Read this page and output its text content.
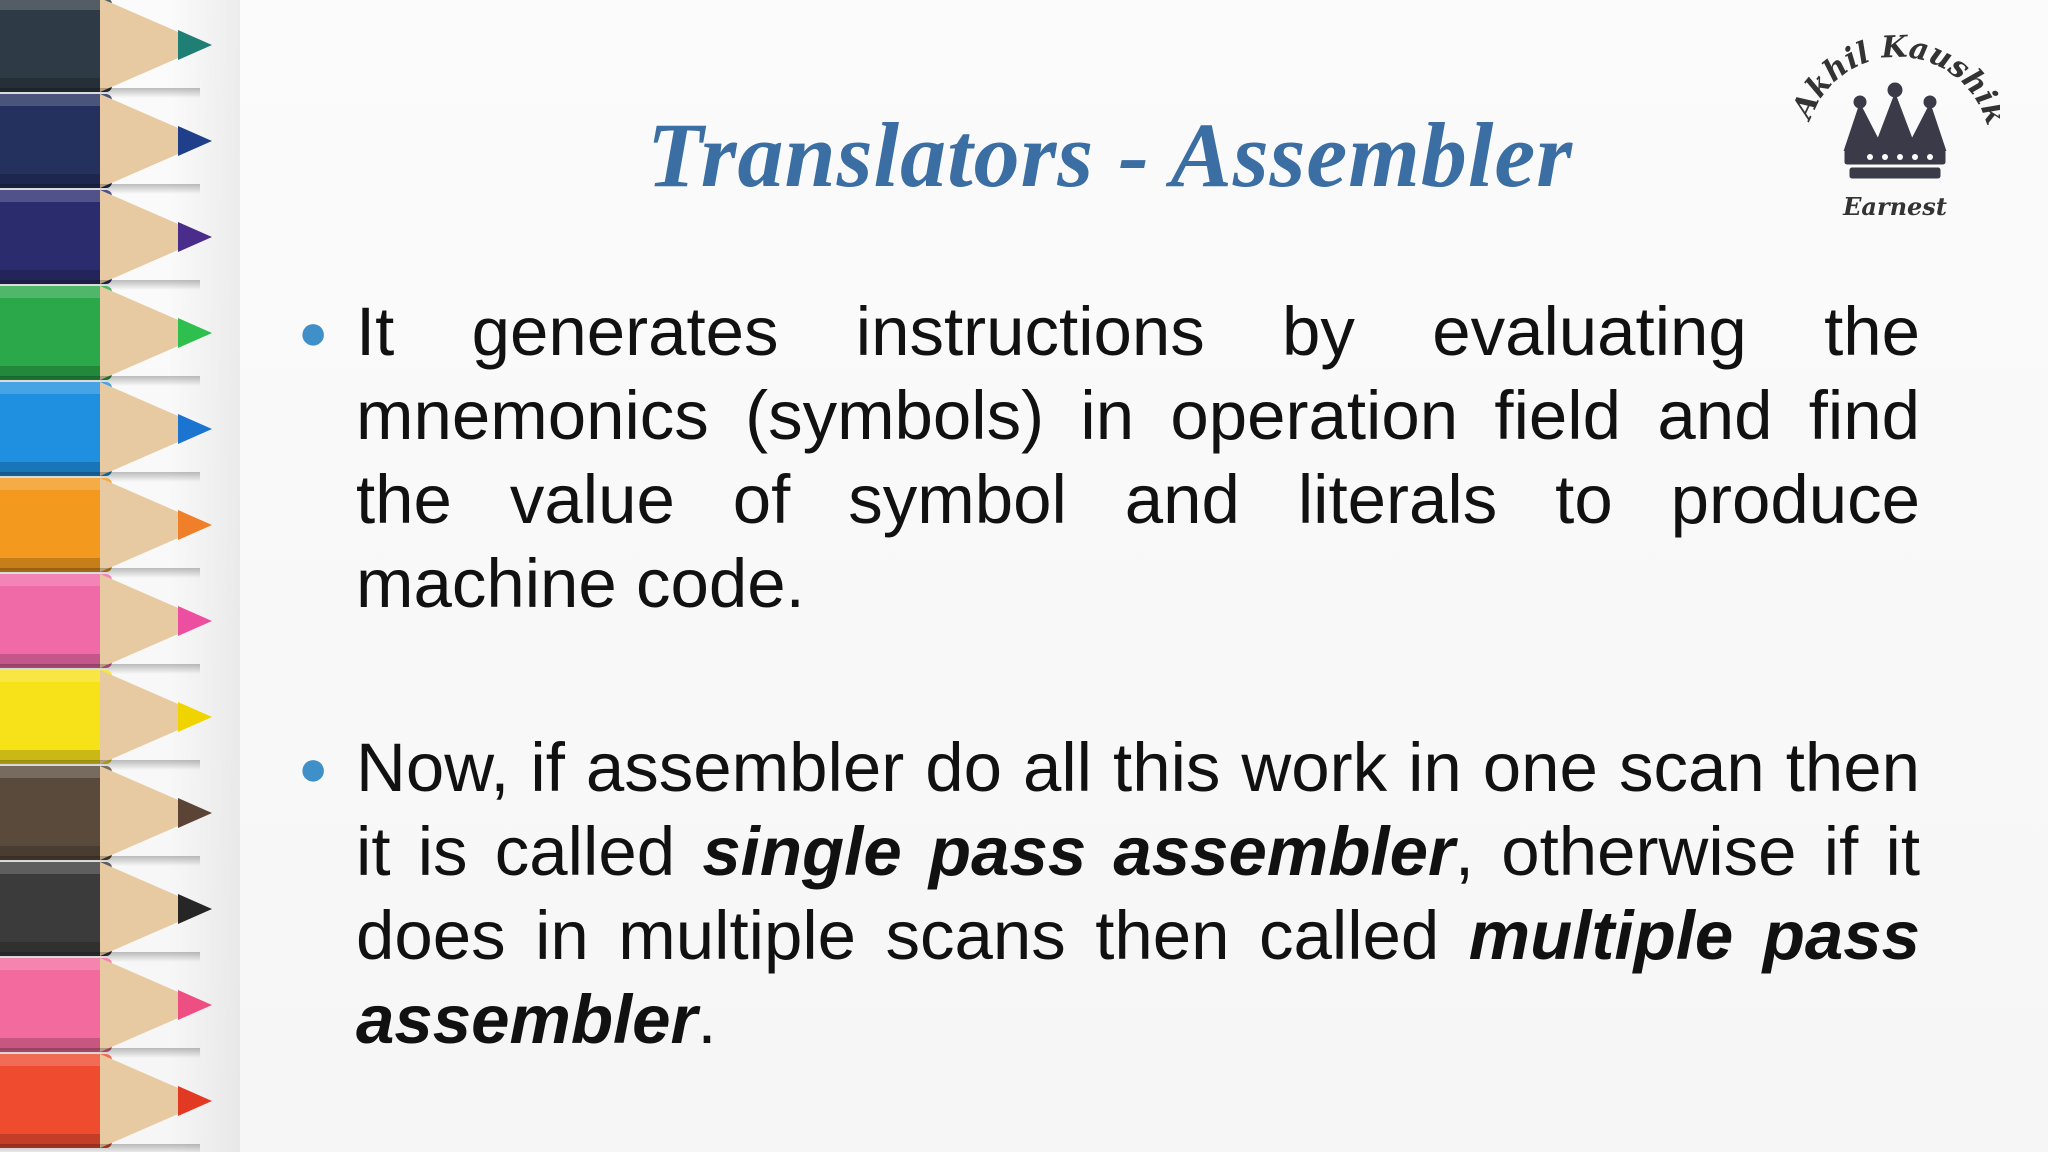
Translators - Assembler
khil Kaushi
Earnest
● It generates instructions by evaluating the mnemonics (symbols) in operation field and find the value of symbol and literals to produce machine code.
● Now, if assembler do all this work in one scan then it is called single pass assembler, otherwise if it does in multiple scans then called multiple pass assembler.
